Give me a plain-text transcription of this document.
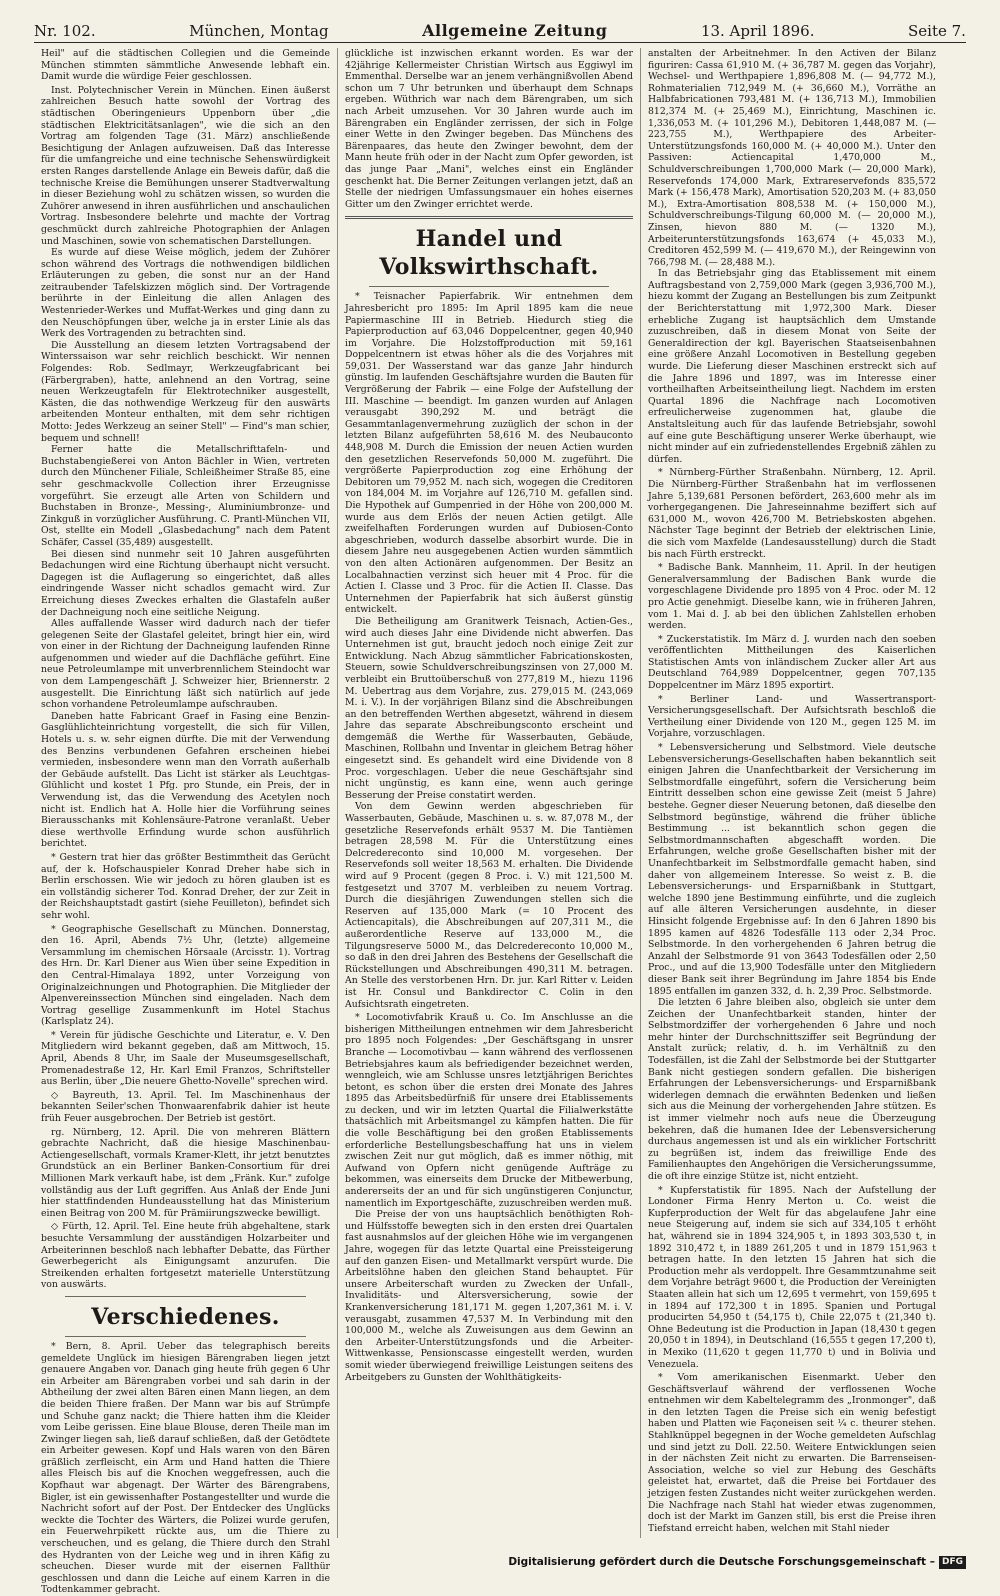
Nr. 102.	München, Montag	Allgemeine Zeitung	13. April 1896.	Seite 7.

Heil" auf die städtischen Collegien und die Gemeinde München stimmten sämmtliche Anwesende lebhaft ein. Damit wurde die würdige Feier geschlossen.

Inst. Polytechnischer Verein in München. Einen äußerst zahlreichen Besuch hatte sowohl der Vortrag des städtischen Oberingenieurs Uppenborn über „die städtischen Elektricitätsanlagen", wie die sich an den Vortrag am folgenden Tage (31. März) anschließende Besichtigung der Anlagen aufzuweisen. Daß das Interesse für die umfangreiche und eine technische Sehenswürdigkeit ersten Ranges darstellende Anlage ein Beweis dafür, daß die technische Kreise die Bemühungen unserer Stadtverwaltung in dieser Beziehung wohl zu schätzen wissen, so wurden die Zuhörer anwesend in ihren ausführlichen und anschaulichen Vortrag. Insbesondere belehrte und machte der Vortrag geschmückt durch zahlreiche Photographien der Anlagen und Maschinen, sowie von schematischen Darstellungen.

Es wurde auf diese Weise möglich, jedem der Zuhörer schon während des Vortrags die nothwendigen bildlichen Erläuterungen zu geben, die sonst nur an der Hand zeitraubender Tafelskizzen möglich sind. Der Vortragende berührte in der Einleitung die allen Anlagen des Westenrieder-Werkes und Muffat-Werkes und ging dann zu den Neuschöpfungen über, welche ja in erster Linie als das Werk des Vortragenden zu betrachten sind.

Die Ausstellung an diesem letzten Vortragsabend der Winterssaison war sehr reichlich beschickt. Wir nennen Folgendes: Rob. Sedlmayr, Werkzeugfabricant bei (Färbergraben), hatte, anlehnend an den Vortrag, seine neuen Werkzeugtafeln für Elektrotechniker ausgestellt, Kästen, die das nothwendige Werkzeug für den auswärts arbeitenden Monteur enthalten, mit dem sehr richtigen Motto: Jedes Werkzeug an seiner Stell" — Find"s man schier, bequem und schnell!

Ferner hatte die Metallschrifttafeln- und Buchstabengießerei von Anton Bächler in Wien, vertreten durch den Münchener Filiale, Schleißheimer Straße 85, eine sehr geschmackvolle Collection ihrer Erzeugnisse vorgeführt. Sie erzeugt alle Arten von Schildern und Buchstaben in Bronze-, Messing-, Aluminiumbronze- und Zinkguß in vorzüglicher Ausführung. C. Prantl-München VII, Ost, stellte ein Modell „Glasbedachung" nach dem Patent Schäfer, Cassel (35,489) ausgestellt.

Bei diesen sind nunmehr seit 10 Jahren ausgeführten Bedachungen wird eine Richtung überhaupt nicht versucht. Dagegen ist die Auflagerung so eingerichtet, daß alles eindringende Wasser nicht schadlos gemacht wird. Zur Erreichung dieses Zweckes erhalten die Glastafeln außer der Dachneigung noch eine seitliche Neigung.

Alles auffallende Wasser wird dadurch nach der tiefer gelegenen Seite der Glastafel geleitet, bringt hier ein, wird von einer in der Richtung der Dachneigung laufenden Rinne aufgenommen und wieder auf die Dachfläche geführt. Eine neue Petroleumlampe mit unverbrennlichem Steindocht war von dem Lampengeschäft J. Schweizer hier, Briennerstr. 2 ausgestellt. Die Einrichtung läßt sich natürlich auf jede schon vorhandene Petroleumlampe aufschrauben.

Daneben hatte Fabricant Graef in Fasing eine Benzin-Gasglühlichteinrichtung vorgestellt, die sich für Villen, Hotels u. s. w. sehr eignen dürfte. Die mit der Verwendung des Benzins verbundenen Gefahren erscheinen hiebei vermieden, insbesondere wenn man den Vorrath außerhalb der Gebäude aufstellt. Das Licht ist stärker als Leuchtgas-Glühlicht und kostet 1 Pfg. pro Stunde, ein Preis, der in Verwendung ist, das die Verwendung des Acetylen noch nicht ist. Endlich hat A. Holle hier die Vorführung seines Bierausschanks mit Kohlensäure-Patrone veranlaßt. Ueber diese werthvolle Erfindung wurde schon ausführlich berichtet.

* Gestern trat hier das größter Bestimmtheit das Gerücht auf, der k. Hofschauspieler Konrad Dreher habe sich in Berlin erschossen. Wie wir jedoch zu hören glauben ist es ein vollständig sicherer Tod. Konrad Dreher, der zur Zeit in der Reichshauptstadt gastirt (siehe Feuilleton), befindet sich sehr wohl.

* Geographische Gesellschaft zu München. Donnerstag, den 16. April, Abends 7½ Uhr, (letzte) allgemeine Versammlung im chemischen Hörsaale (Arcisstr. 1). Vortrag des Hrn. Dr. Karl Diener aus Wien über seine Expedition in den Central-Himalaya 1892, unter Vorzeigung von Originalzeichnungen und Photographien. Die Mitglieder der Alpenvereinssection München sind eingeladen. Nach dem Vortrag gesellige Zusammenkunft im Hotel Stachus (Karlsplatz 24).

* Verein für jüdische Geschichte und Literatur, e. V. Den Mitgliedern wird bekannt gegeben, daß am Mittwoch, 15. April, Abends 8 Uhr, im Saale der Museumsgesellschaft, Promenadestraße 12, Hr. Karl Emil Franzos, Schriftsteller aus Berlin, über „Die neuere Ghetto-Novelle" sprechen wird.

◇ Bayreuth, 13. April. Tel. Im Maschinenhaus der bekannten Seiler'schen Thonwaarenfabrik dahier ist heute früh Feuer ausgebrochen. Der Betrieb ist gestört.

rg. Nürnberg, 12. April. Die von mehreren Blättern gebrachte Nachricht, daß die hiesige Maschinenbau-Actiengesellschaft, vormals Kramer-Klett, ihr jetzt benutztes Grundstück an ein Berliner Banken-Consortium für drei Millionen Mark verkauft habe, ist dem „Fränk. Kur." zufolge vollständig aus der Luft gegriffen. Aus Anlaß der Ende Juni hier stattfindenden Hundeausstellung hat das Ministerium einen Beitrag von 200 M. für Prämiirungszwecke bewilligt.

◇ Fürth, 12. April. Tel. Eine heute früh abgehaltene, stark besuchte Versammlung der ausständigen Holzarbeiter und Arbeiterinnen beschloß nach lebhafter Debatte, das Fürther Gewerbegericht als Einigungsamt anzurufen. Die Streikenden erhalten fortgesetzt materielle Unterstützung von auswärts.

Verschiedenes.

* Bern, 8. April. Ueber das telegraphisch bereits gemeldete Unglück im hiesigen Bärengraben liegen jetzt genauere Angaben vor. Danach ging heute früh gegen 6 Uhr ein Arbeiter am Bärengraben vorbei und sah darin in der Abtheilung der zwei alten Bären einen Mann liegen, an dem die beiden Thiere fraßen. Der Mann war bis auf Strümpfe und Schuhe ganz nackt; die Thiere hatten ihm die Kleider vom Leibe gerissen. Eine blaue Blouse, deren Theile man im Zwinger liegen sah, ließ darauf schließen, daß der Getödtete ein Arbeiter gewesen. Kopf und Hals waren von den Bären gräßlich zerfleischt, ein Arm und Hand hatten die Thiere alles Fleisch bis auf die Knochen weggefressen, auch die Kopfhaut war abgenagt. Der Wärter des Bärengrabens, Bigler, ist ein gewissenhafter Postangestellter und wurde die Nachricht sofort auf der Post. Der Entdecker des Unglücks weckte die Tochter des Wärters, die Polizei wurde gerufen, ein Feuerwehrpikett rückte aus, um die Thiere zu verscheuchen, und es gelang, die Thiere durch den Strahl des Hydranten von der Leiche weg und in ihren Käfig zu scheuchen. Dieser wurde mit der eisernen Fallthür geschlossen und dann die Leiche auf einem Karren in die Todtenkammer gebracht.

glückliche ist inzwischen erkannt worden. Es war der 42jährige Kellermeister Christian Wirtsch aus Eggiwyl im Emmenthal. Derselbe war an jenem verhängnißvollen Abend schon um 7 Uhr betrunken und überhaupt dem Schnaps ergeben. Wüthrich war nach dem Bärengraben, um sich nach Arbeit umzusehen. Vor 30 Jahren wurde auch im Bärengraben ein Engländer zerrissen, der sich in Folge einer Wette in den Zwinger begeben. Das Münchens des Bärenpaares, das heute den Zwinger bewohnt, dem der Mann heute früh oder in der Nacht zum Opfer geworden, ist das junge Paar „Mani", welches einst ein Engländer geschenkt hat. Die Berner Zeitungen verlangen jetzt, daß an Stelle der niedrigen Umfassungsmauer ein hohes eisernes Gitter um den Zwinger errichtet werde.

Handel und Volkswirthschaft.

* Teisnacher Papierfabrik. Wir entnehmen dem Jahresbericht pro 1895: Im April 1895 kam die neue Papiermaschine III in Betrieb. Hiedurch stieg die Papierproduction auf 63,046 Doppelcentner, gegen 40,940 im Vorjahre. Die Holzstoffproduction mit 59,161 Doppelcentnern ist etwas höher als die des Vorjahres mit 59,031. Der Wasserstand war das ganze Jahr hindurch günstig. Im laufenden Geschäftsjahre wurden die Bauten für Vergrößerung der Fabrik — eine Folge der Aufstellung der III. Maschine — beendigt. Im ganzen wurden auf Anlagen verausgabt 390,292 M. und beträgt die Gesammtanlagenvermehrung zuzüglich der schon in der letzten Bilanz aufgeführten 58,616 M. des Neubauconto 448,908 M. Durch die Emission der neuen Actien wurden den gesetzlichen Reservefonds 50,000 M. zugeführt. Die vergrößerte Papierproduction zog eine Erhöhung der Debitoren um 79,952 M. nach sich, wogegen die Creditoren von 184,004 M. im Vorjahre auf 126,710 M. gefallen sind. Die Hypothek auf Gumpenried in der Höhe von 200,000 M. wurde aus dem Erlös der neuen Actien getilgt. Alle zweifelhaften Forderungen wurden auf Dubiosen-Conto abgeschrieben, wodurch dasselbe absorbirt wurde. Die in diesem Jahre neu ausgegebenen Actien wurden sämmtlich von den alten Actionären aufgenommen. Der Besitz an Localbahnactien verzinst sich heuer mit 4 Proc. für die Actien I. Classe und 3 Proc. für die Actien II. Classe. Das Unternehmen der Papierfabrik hat sich äußerst günstig entwickelt.

Die Betheiligung am Granitwerk Teisnach, Actien-Ges., wird auch dieses Jahr eine Dividende nicht abwerfen. Das Unternehmen ist gut, braucht jedoch noch einige Zeit zur Entwicklung. Nach Abzug sämmtlicher Fabricationskosten, Steuern, sowie Schuldverschreibungszinsen von 27,000 M. verbleibt ein Bruttoüberschuß von 277,819 M., hiezu 1196 M. Uebertrag aus dem Vorjahre, zus. 279,015 M. (243,069 M. i. V.). In der vorjährigen Bilanz sind die Abschreibungen an den betreffenden Werthen abgesetzt, während in diesem Jahre das separate Abschreibungsconto erscheint und demgemäß die Werthe für Wasserbauten, Gebäude, Maschinen, Rollbahn und Inventar in gleichem Betrag höher eingesetzt sind. Es gehandelt wird eine Dividende von 8 Proc. vorgeschlagen. Ueber die neue Geschäftsjahr sind nicht ungünstig, es kann eine, wenn auch geringe Besserung der Preise constatirt werden.

Von dem Gewinn werden abgeschrieben für Wasserbauten, Gebäude, Maschinen u. s. w. 87,078 M., der gesetzliche Reservefonds erhält 9537 M. Die Tantièmen betragen 28,598 M. Für die Unterstützung eines Delcredereconto sind 10,000 M. vorgesehen. Der Reservefonds soll weiter 18,563 M. erhalten. Die Dividende wird auf 9 Procent (gegen 8 Proc. i. V.) mit 121,500 M. festgesetzt und 3707 M. verbleiben zu neuem Vortrag. Durch die diesjährigen Zuwendungen stellen sich die Reserven auf 135,000 Mark (= 10 Procent des Actiencapitals), die Abschreibungen auf 207,311 M., die außerordentliche Reserve auf 133,000 M., die Tilgungsreserve 5000 M., das Delcredereconto 10,000 M., so daß in den drei Jahren des Bestehens der Gesellschaft die Rückstellungen und Abschreibungen 490,311 M. betragen. An Stelle des verstorbenen Hrn. Dr. jur. Karl Ritter v. Leiden ist Hr. Consul und Bankdirector C. Colin in den Aufsichtsrath eingetreten.

* Locomotivfabrik Krauß u. Co. Im Anschlusse an die bisherigen Mittheilungen entnehmen wir dem Jahresbericht pro 1895 noch Folgendes: „Der Geschäftsgang in unsrer Branche — Locomotivbau — kann während des verflossenen Betriebsjahres kaum als befriedigender bezeichnet werden, wenngleich, wie am Schlusse unsres letztjährigen Berichtes betont, es schon über die ersten drei Monate des Jahres 1895 das Arbeitsbedürfniß für unsere drei Etablissements zu decken, und wir im letzten Quartal die Filialwerkstätte thatsächlich mit Arbeitsmangel zu kämpfen hatten. Die für die volle Beschäftigung bei den großen Etablissements erforderliche Bestellungsbeschaffung hat uns in vielem zwischen Zeit nur gut möglich, daß es immer nöthig, mit Aufwand von Opfern nicht genügende Aufträge zu bekommen, was einerseits dem Drucke der Mitbewerbung, andererseits der an und für sich ungünstigeren Conjunctur, namentlich im Exportgeschäfte, zuzuschreiben werden muß.

Die Preise der von uns hauptsächlich benöthigten Roh- und Hülfsstoffe bewegten sich in den ersten drei Quartalen fast ausnahmslos auf der gleichen Höhe wie im vergangenen Jahre, wogegen für das letzte Quartal eine Preissteigerung auf den ganzen Eisen- und Metallmarkt verspürt wurde. Die Arbeitslöhne haben den gleichen Stand behauptet. Für unsere Arbeiterschaft wurden zu Zwecken der Unfall-, Invaliditäts- und Altersversicherung, sowie der Krankenversicherung 181,171 M. gegen 1,207,361 M. i. V. verausgabt, zusammen 47,537 M. In Verbindung mit den 100,000 M., welche als Zuweisungen aus dem Gewinn an den Arbeiter-Unterstützungsfonds und die Arbeiter-Wittwenkasse, Pensionscasse eingestellt werden, wurden somit wieder überwiegend freiwillige Leistungen seitens des Arbeitgebers zu Gunsten der Wohlthätigkeits-

anstalten der Arbeitnehmer. In den Activen der Bilanz figuriren: Cassa 61,910 M. (+ 36,787 M. gegen das Vorjahr), Wechsel- und Werthpapiere 1,896,808 M. (— 94,772 M.), Rohmaterialien 712,949 M. (+ 36,660 M.), Vorräthe an Halbfabricationen 793,481 M. (+ 136,713 M.), Immobilien 812,374 M. (+ 25,469 M.), Einrichtung, Maschinen ic. 1,336,053 M. (+ 101,296 M.), Debitoren 1,448,087 M. (— 223,755 M.), Werthpapiere des Arbeiter-Unterstützungsfonds 160,000 M. (+ 40,000 M.). Unter den Passiven: Actiencapital 1,470,000 M., Schuldverschreibungen 1,700,000 Mark (— 20,000 Mark), Reservefonds 174,000 Mark, Extrareservefonds 835,572 Mark (+ 156,478 Mark), Amortisation 520,203 M. (+ 83,050 M.), Extra-Amortisation 808,538 M. (+ 150,000 M.), Schuldverschreibungs-Tilgung 60,000 M. (— 20,000 M.), Zinsen, hievon 880 M. (— 1320 M.), Arbeiterunterstützungsfonds 163,674 (+ 45,033 M.), Creditoren 452,599 M. (— 419,670 M.), der Reingewinn von 766,798 M. (— 28,488 M.).

In das Betriebsjahr ging das Etablissement mit einem Auftragsbestand von 2,759,000 Mark (gegen 3,936,700 M.), hiezu kommt der Zugang an Bestellungen bis zum Zeitpunkt der Berichterstattung mit 1,972,300 Mark. Dieser erhebliche Zugang ist hauptsächlich dem Umstande zuzuschreiben, daß in diesem Monat von Seite der Generaldirection der kgl. Bayerischen Staatseisenbahnen eine größere Anzahl Locomotiven in Bestellung gegeben wurde. Die Lieferung dieser Maschinen erstreckt sich auf die Jahre 1896 und 1897, was im Interesse einer vortheilhaften Arbeitseintheilung liegt. Nachdem im ersten Quartal 1896 die Nachfrage nach Locomotiven erfreulicherweise zugenommen hat, glaube die Anstaltsleitung auch für das laufende Betriebsjahr, sowohl auf eine gute Beschäftigung unserer Werke überhaupt, wie nicht minder auf ein zufriedenstellendes Ergebniß zählen zu dürfen.

* Nürnberg-Fürther Straßenbahn. Nürnberg, 12. April. Die Nürnberg-Fürther Straßenbahn hat im verflossenen Jahre 5,139,681 Personen befördert, 263,600 mehr als im vorhergegangenen. Die Jahreseinnahme beziffert sich auf 631,000 M., wovon 426,700 M. Betriebskosten abgehen. Nächster Tage beginnt der Betrieb der elektrischen Linie, die sich vom Maxfelde (Landesausstellung) durch die Stadt bis nach Fürth erstreckt.

* Badische Bank. Mannheim, 11. April. In der heutigen Generalversammlung der Badischen Bank wurde die vorgeschlagene Dividende pro 1895 von 4 Proc. oder M. 12 pro Actie genehmigt. Dieselbe kann, wie in früheren Jahren, vom 1. Mai d. J. ab bei den üblichen Zahlstellen erhoben werden.

* Zuckerstatistik. Im März d. J. wurden nach den soeben veröffentlichten Mittheilungen des Kaiserlichen Statistischen Amts von inländischem Zucker aller Art aus Deutschland 764,989 Doppelcentner, gegen 707,135 Doppelcentner im März 1895 exportirt.

* Berliner Land- und Wassertransport-Versicherungsgesellschaft. Der Aufsichtsrath beschloß die Vertheilung einer Dividende von 120 M., gegen 125 M. im Vorjahre, vorzuschlagen.

* Lebensversicherung und Selbstmord. Viele deutsche Lebensversicherungs-Gesellschaften haben bekanntlich seit einigen Jahren die Unanfechtbarkeit der Versicherung im Selbstmordfalle eingeführt, sofern die Versicherung beim Eintritt desselben schon eine gewisse Zeit (meist 5 Jahre) bestehe. Gegner dieser Neuerung betonen, daß dieselbe den Selbstmord begünstige, während die früher übliche Bestimmung ... ist bekanntlich schon gegen die Selbstmordmannschaften abgeschafft worden. Die Erfahrungen, welche große Gesellschaften bisher mit der Unanfechtbarkeit im Selbstmordfalle gemacht haben, sind daher von allgemeinem Interesse. So weist z. B. die Lebensversicherungs- und Ersparnißbank in Stuttgart, welche 1890 jene Bestimmung einführte, und die zugleich auf alle älteren Versicherungen ausdehnte, in dieser Hinsicht folgende Ergebnisse auf: In den 6 Jahren 1890 bis 1895 kamen auf 4826 Todesfälle 113 oder 2,34 Proc. Selbstmorde. In den vorhergehenden 6 Jahren betrug die Anzahl der Selbstmorde 91 von 3643 Todesfällen oder 2,50 Proc., und auf die 13,900 Todesfälle unter den Mitgliedern dieser Bank seit ihrer Begründung im Jahre 1854 bis Ende 1895 entfallen im ganzen 332, d. h. 2,39 Proc. Selbstmorde.

Die letzten 6 Jahre bleiben also, obgleich sie unter dem Zeichen der Unanfechtbarkeit standen, hinter der Selbstmordziffer der vorhergehenden 6 Jahre und noch mehr hinter der Durchschnittsziffer seit Begründung der Anstalt zurück; relativ, d. h. im Verhältniß zu den Todesfällen, ist die Zahl der Selbstmorde bei der Stuttgarter Bank nicht gestiegen sondern gefallen. Die bisherigen Erfahrungen der Lebensversicherungs- und Ersparnißbank widerlegen demnach die erwähnten Bedenken und ließen sich aus die Meinung der vorhergehenden Jahre stützen. Es ist immer vielmehr noch aufs neue die Überzeugung bekehren, daß die humanen Idee der Lebensversicherung durchaus angemessen ist und als ein wirklicher Fortschritt zu begrüßen ist, indem das freiwillige Ende des Familienhauptes den Angehörigen die Versicherungssumme, die oft ihre einzige Stütze ist, nicht entzieht.

* Kupferstatistik für 1895. Nach der Aufstellung der Londoner Firma Henry Merton u. Co. weist die Kupferproduction der Welt für das abgelaufene Jahr eine neue Steigerung auf, indem sie sich auf 334,105 t erhöht hat, während sie in 1894 324,905 t, in 1893 303,530 t, in 1892 310,472 t, in 1889 261,205 t und in 1879 151,963 t betragen hatte. In den letzten 15 Jahren hat sich die Production mehr als verdoppelt. Ihre Gesammtzunahme seit dem Vorjahre beträgt 9600 t, die Production der Vereinigten Staaten allein hat sich um 12,695 t vermehrt, von 159,695 t in 1894 auf 172,300 t in 1895. Spanien und Portugal producirten 54,950 t (54,175 t), Chile 22,075 t (21,340 t). Ohne Bedeutung ist die Production in Japan (18,430 t gegen 20,050 t in 1894), in Deutschland (16,555 t gegen 17,200 t), in Mexiko (11,620 t gegen 11,770 t) und in Bolivia und Venezuela.

* Vom amerikanischen Eisenmarkt. Ueber den Geschäftsverlauf während der verflossenen Woche entnehmen wir dem Kabeltelegramm des „Ironmonger", daß in den letzten Tagen die Preise sich ein wenig befestigt haben und Platten wie Façoneisen seit ¼ c. theurer stehen. Stahlknüppel begegnen in der Woche gemeldeten Aufschlag und sind jetzt zu Doll. 22.50. Weitere Entwicklungen seien in der nächsten Zeit nicht zu erwarten. Die Barrenseisen-Association, welche so viel zur Hebung des Geschäfts geleistet hat, erwartet, daß die Preise bei Fortdauer des jetzigen festen Zustandes nicht weiter zurückgehen werden. Die Nachfrage nach Stahl hat wieder etwas zugenommen, doch ist der Markt im Ganzen still, bis erst die Preise ihren Tiefstand erreicht haben, welchen mit Stahl nieder

Digitalisierung gefördert durch die Deutsche Forschungsgemeinschaft – DFG
